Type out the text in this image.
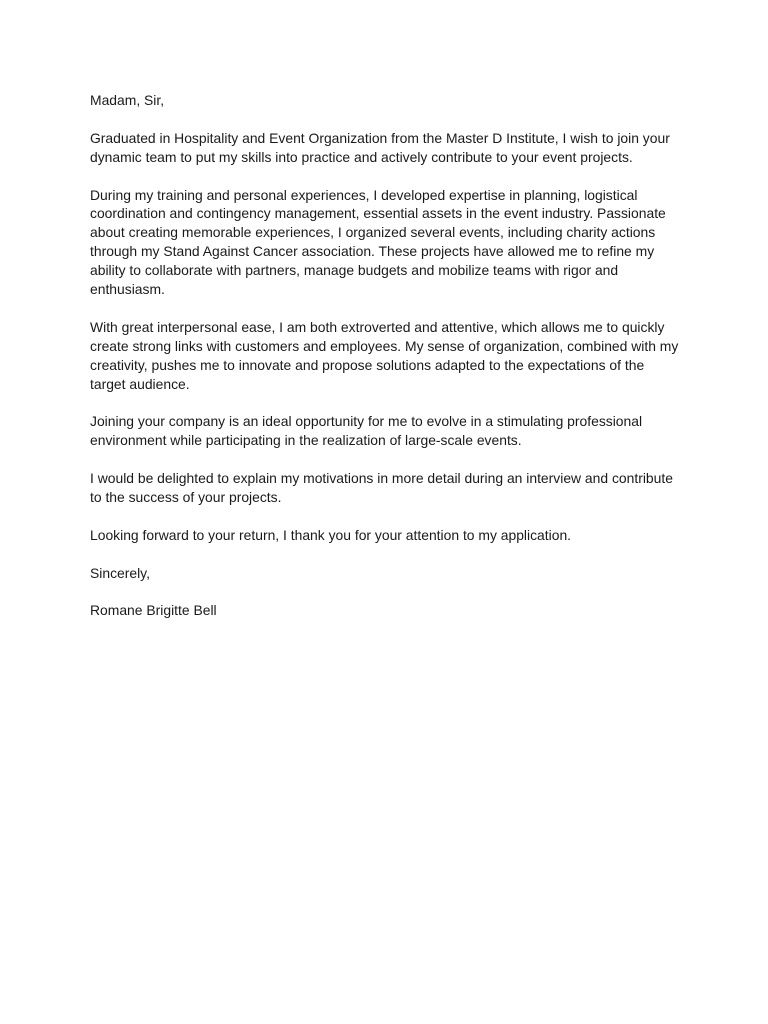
Madam, Sir,

Graduated in Hospitality and Event Organization from the Master D Institute, I wish to join your dynamic team to put my skills into practice and actively contribute to your event projects.

During my training and personal experiences, I developed expertise in planning, logistical coordination and contingency management, essential assets in the event industry. Passionate about creating memorable experiences, I organized several events, including charity actions through my Stand Against Cancer association. These projects have allowed me to refine my ability to collaborate with partners, manage budgets and mobilize teams with rigor and enthusiasm.

With great interpersonal ease, I am both extroverted and attentive, which allows me to quickly create strong links with customers and employees. My sense of organization, combined with my creativity, pushes me to innovate and propose solutions adapted to the expectations of the target audience.

Joining your company is an ideal opportunity for me to evolve in a stimulating professional environment while participating in the realization of large-scale events.

I would be delighted to explain my motivations in more detail during an interview and contribute to the success of your projects.

Looking forward to your return, I thank you for your attention to my application.

Sincerely,

Romane Brigitte Bell
